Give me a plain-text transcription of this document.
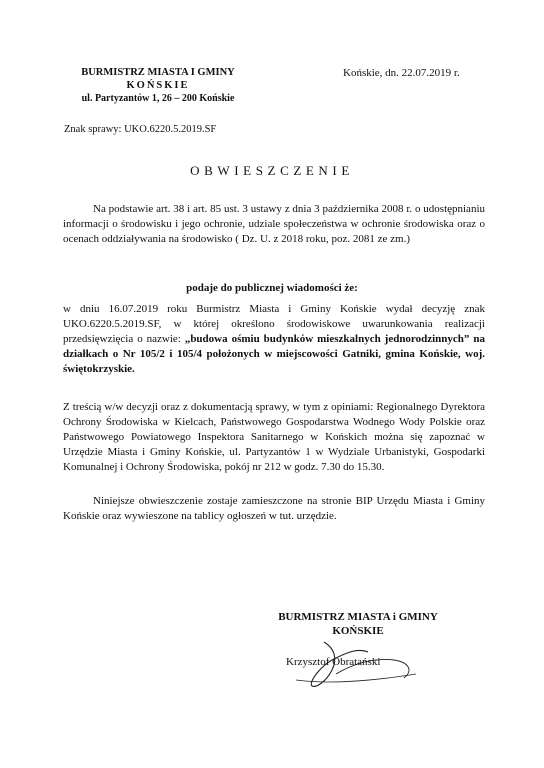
BURMISTRZ MIASTA I GMINY
KOŃSKIE
ul. Partyzantów 1, 26 – 200 Końskie
Końskie, dn. 22.07.2019 r.
Znak sprawy: UKO.6220.5.2019.SF
OBWIESZCZENIE
Na podstawie art. 38 i art. 85 ust. 3 ustawy z dnia 3 października 2008 r. o udostępnianiu informacji o środowisku i jego ochronie, udziale społeczeństwa w ochronie środowiska oraz o ocenach oddziaływania na środowisko ( Dz. U. z 2018 roku, poz. 2081 ze zm.)
podaje do publicznej wiadomości że:
w dniu 16.07.2019 roku Burmistrz Miasta i Gminy Końskie wydał decyzję znak UKO.6220.5.2019.SF, w której określono środowiskowe uwarunkowania realizacji przedsięwzięcia o nazwie: „budowa ośmiu budynków mieszkalnych jednorodzinnych” na działkach o Nr 105/2 i 105/4 położonych w miejscowości Gatniki, gmina Końskie, woj. świętokrzyskie.
Z treścią w/w decyzji oraz z dokumentacją sprawy, w tym z opiniami: Regionalnego Dyrektora Ochrony Środowiska w Kielcach, Państwowego Gospodarstwa Wodnego Wody Polskie oraz Państwowego Powiatowego Inspektora Sanitarnego w Końskich można się zapoznać w Urzędzie Miasta i Gminy Końskie, ul. Partyzantów 1 w Wydziale Urbanistyki, Gospodarki Komunalnej i Ochrony Środowiska, pokój nr 212 w godz. 7.30 do 15.30.
Niniejsze obwieszczenie zostaje zamieszczone na stronie BIP Urzędu Miasta i Gminy Końskie oraz wywieszone na tablicy ogłoszeń w tut. urzędzie.
BURMISTRZ MIASTA i GMINY
KOŃSKIE
Krzysztof Obratański
